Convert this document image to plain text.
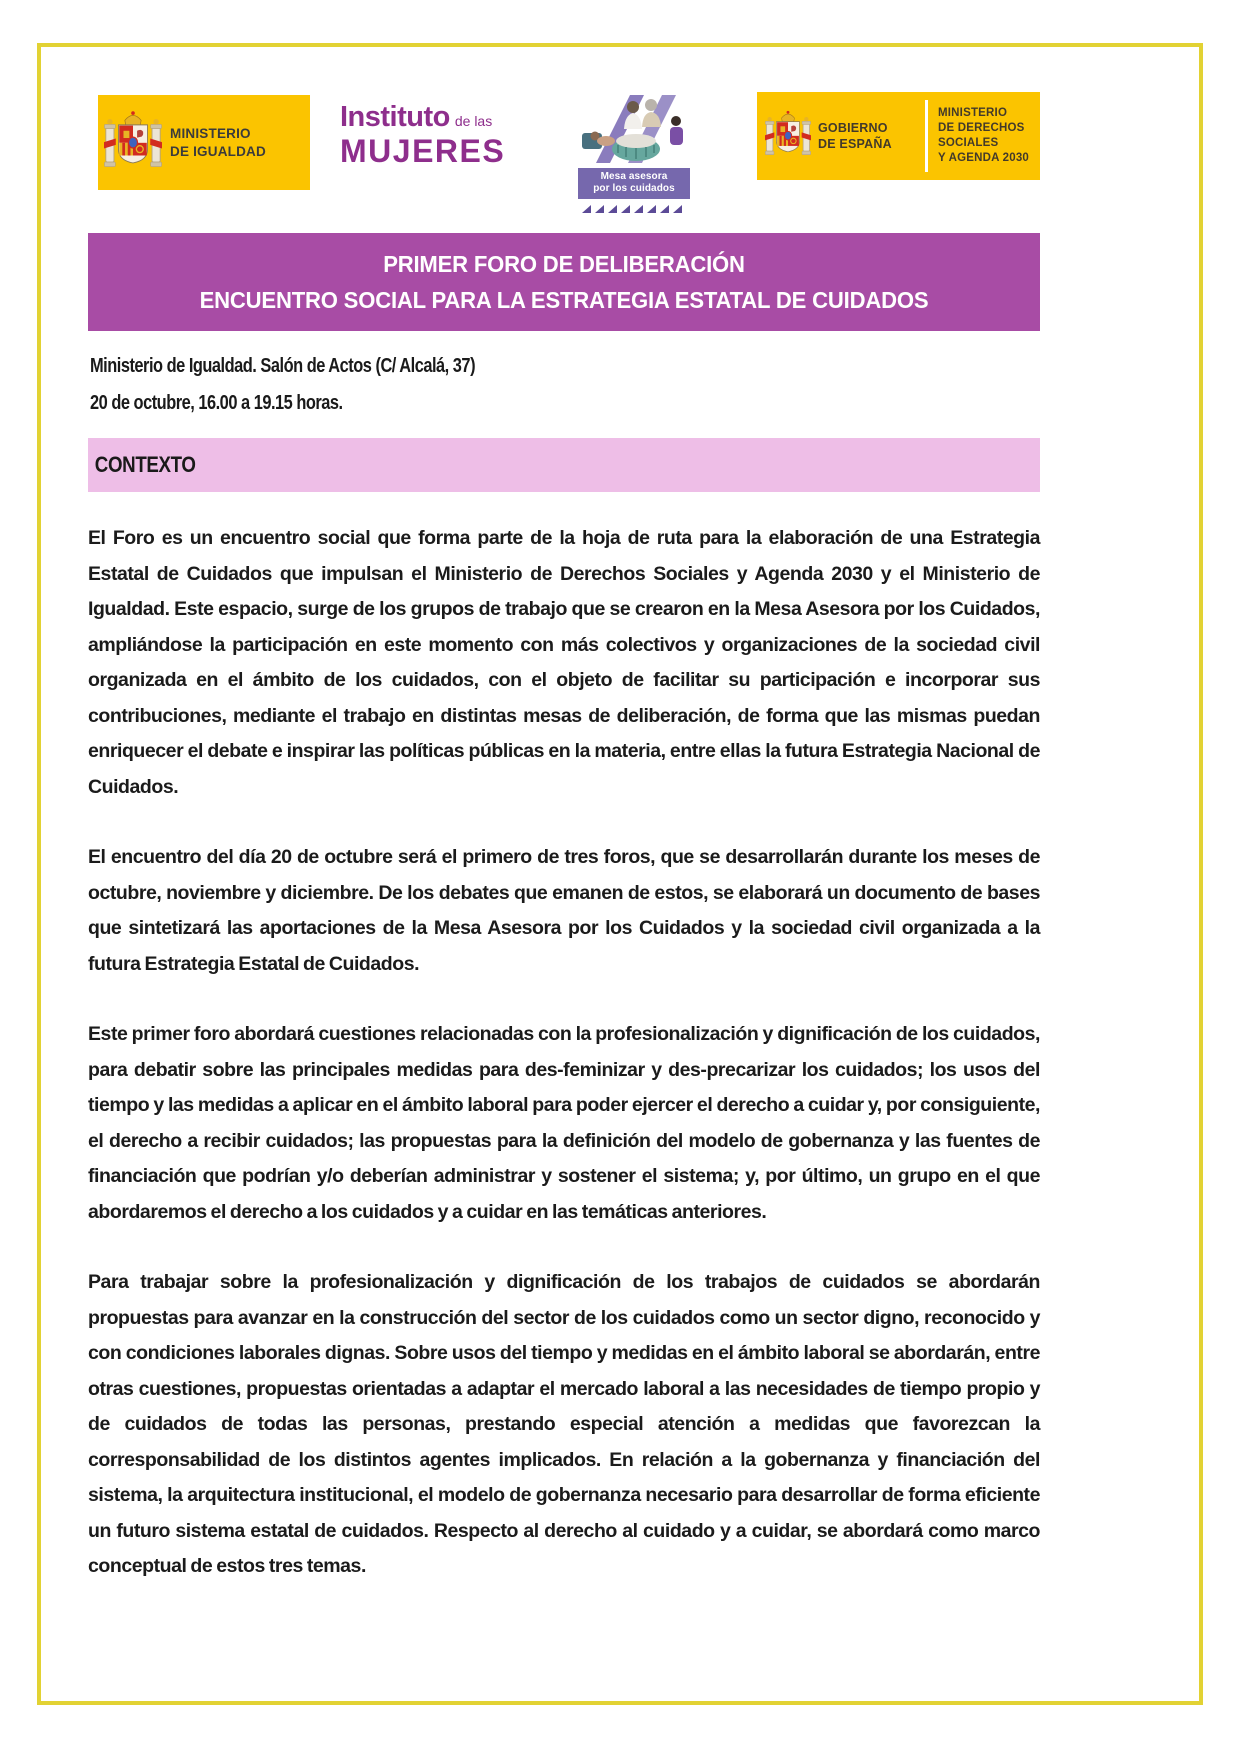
MINISTERIO
DE IGUALDAD
Instituto de las
MUJERES
Mesa asesora
por los cuidados
GOBIERNO
DE ESPAÑA
MINISTERIO
DE DERECHOS SOCIALES
Y AGENDA 2030
PRIMER FORO DE DELIBERACIÓN
ENCUENTRO SOCIAL PARA LA ESTRATEGIA ESTATAL DE CUIDADOS
Ministerio de Igualdad. Salón de Actos (C/ Alcalá, 37)
20 de octubre, 16.00 a 19.15 horas.
CONTEXTO

El Foro es un encuentro social que forma parte de la hoja de ruta para la elaboración de una Estrategia Estatal de Cuidados que impulsan el Ministerio de Derechos Sociales y Agenda 2030 y el Ministerio de Igualdad. Este espacio, surge de los grupos de trabajo que se crearon en la Mesa Asesora por los Cuidados, ampliándose la participación en este momento con más colectivos y organizaciones de la sociedad civil organizada en el ámbito de los cuidados, con el objeto de facilitar su participación e incorporar sus contribuciones, mediante el trabajo en distintas mesas de deliberación, de forma que las mismas puedan enriquecer el debate e inspirar las políticas públicas en la materia, entre ellas la futura Estrategia Nacional de Cuidados.

El encuentro del día 20 de octubre será el primero de tres foros, que se desarrollarán durante los meses de octubre, noviembre y diciembre. De los debates que emanen de estos, se elaborará un documento de bases que sintetizará las aportaciones de la Mesa Asesora por los Cuidados y la sociedad civil organizada a la futura Estrategia Estatal de Cuidados.

Este primer foro abordará cuestiones relacionadas con la profesionalización y dignificación de los cuidados, para debatir sobre las principales medidas para des-feminizar y des-precarizar los cuidados; los usos del tiempo y las medidas a aplicar en el ámbito laboral para poder ejercer el derecho a cuidar y, por consiguiente, el derecho a recibir cuidados; las propuestas para la definición del modelo de gobernanza y las fuentes de financiación que podrían y/o deberían administrar y sostener el sistema; y, por último, un grupo en el que abordaremos el derecho a los cuidados y a cuidar en las temáticas anteriores.

Para trabajar sobre la profesionalización y dignificación de los trabajos de cuidados se abordarán propuestas para avanzar en la construcción del sector de los cuidados como un sector digno, reconocido y con condiciones laborales dignas. Sobre usos del tiempo y medidas en el ámbito laboral se abordarán, entre otras cuestiones, propuestas orientadas a adaptar el mercado laboral a las necesidades de tiempo propio y de cuidados de todas las personas, prestando especial atención a medidas que favorezcan la corresponsabilidad de los distintos agentes implicados. En relación a la gobernanza y financiación del sistema, la arquitectura institucional, el modelo de gobernanza necesario para desarrollar de forma eficiente un futuro sistema estatal de cuidados. Respecto al derecho al cuidado y a cuidar, se abordará como marco conceptual de estos tres temas.
